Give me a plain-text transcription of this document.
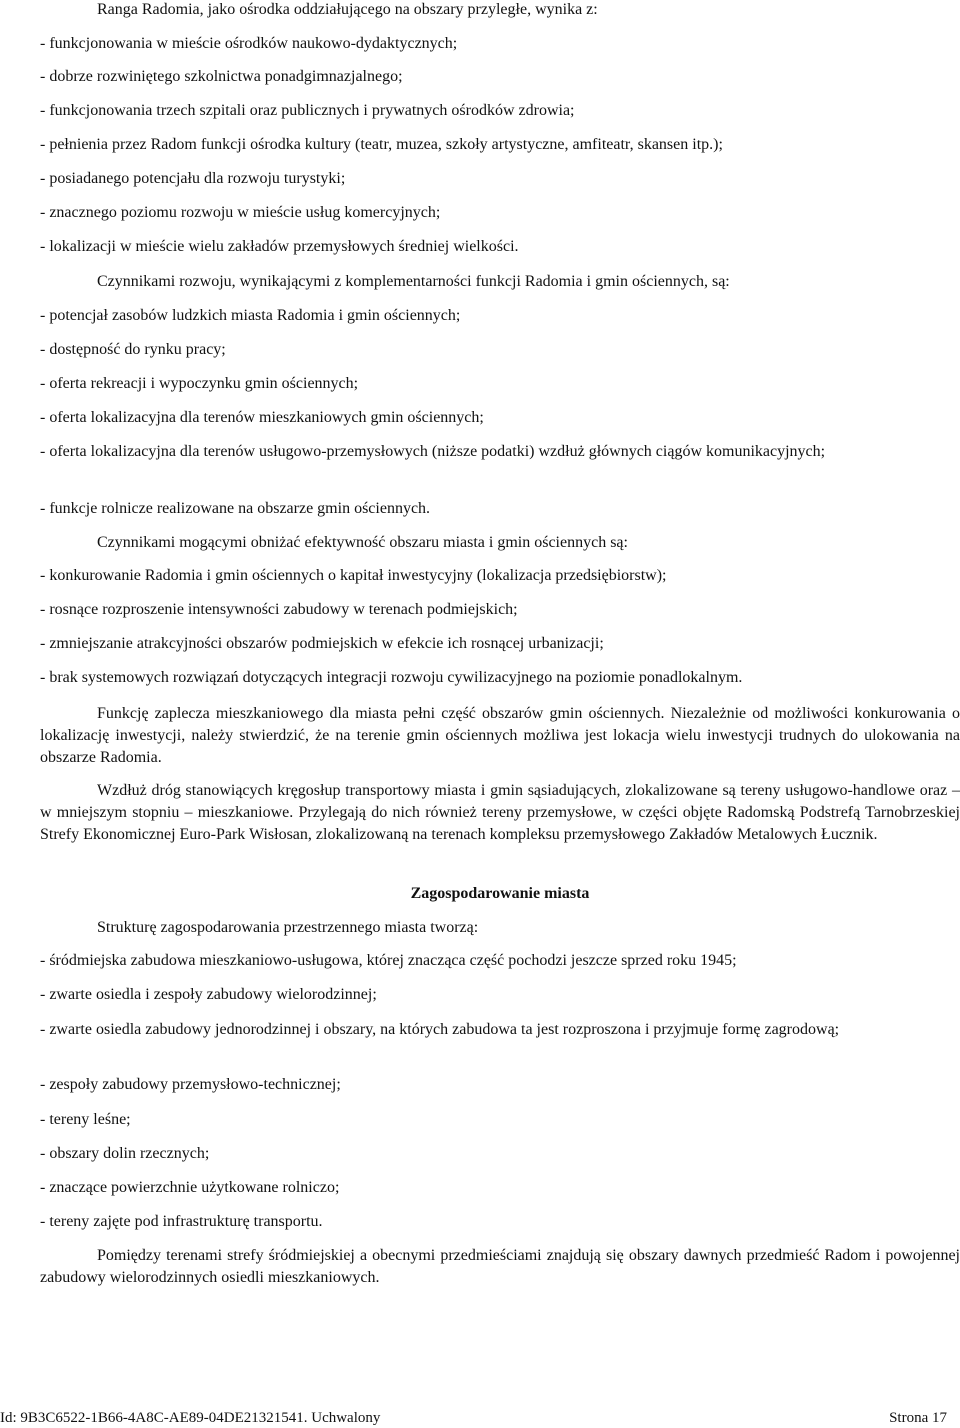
Ranga Radomia, jako ośrodka oddziałującego na obszary przyległe, wynika z:
- funkcjonowania w mieście ośrodków naukowo-dydaktycznych;
- dobrze rozwiniętego szkolnictwa ponadgimnazjalnego;
- funkcjonowania trzech szpitali oraz publicznych i prywatnych ośrodków zdrowia;
- pełnienia przez Radom funkcji ośrodka kultury (teatr, muzea, szkoły artystyczne, amfiteatr, skansen itp.);
- posiadanego potencjału dla rozwoju turystyki;
- znacznego poziomu rozwoju w mieście usług komercyjnych;
- lokalizacji w mieście wielu zakładów przemysłowych średniej wielkości.
Czynnikami rozwoju, wynikającymi z komplementarności funkcji Radomia i gmin ościennych, są:
- potencjał zasobów ludzkich miasta Radomia i gmin ościennych;
- dostępność do rynku pracy;
- oferta rekreacji i wypoczynku gmin ościennych;
- oferta lokalizacyjna dla terenów mieszkaniowych gmin ościennych;
- oferta lokalizacyjna dla terenów usługowo-przemysłowych (niższe podatki) wzdłuż głównych ciągów komunikacyjnych;
- funkcje rolnicze realizowane na obszarze gmin ościennych.
Czynnikami mogącymi obniżać efektywność obszaru miasta i gmin ościennych są:
- konkurowanie Radomia i gmin ościennych o kapitał inwestycyjny (lokalizacja przedsiębiorstw);
- rosnące rozproszenie intensywności zabudowy w terenach podmiejskich;
- zmniejszanie atrakcyjności obszarów podmiejskich w efekcie ich rosnącej urbanizacji;
- brak systemowych rozwiązań dotyczących integracji rozwoju cywilizacyjnego na poziomie ponadlokalnym.
Funkcję zaplecza mieszkaniowego dla miasta pełni część obszarów gmin ościennych. Niezależnie od możliwości konkurowania o lokalizację inwestycji, należy stwierdzić, że na terenie gmin ościennych możliwa jest lokacja wielu inwestycji trudnych do ulokowania na obszarze Radomia.
Wzdłuż dróg stanowiących kręgosłup transportowy miasta i gmin sąsiadujących, zlokalizowane są tereny usługowo-handlowe oraz – w mniejszym stopniu – mieszkaniowe. Przylegają do nich również tereny przemysłowe, w części objęte Radomską Podstrefą Tarnobrzeskiej Strefy Ekonomicznej Euro-Park Wisłosan, zlokalizowaną na terenach kompleksu przemysłowego Zakładów Metalowych Łucznik.
Zagospodarowanie miasta
Strukturę zagospodarowania przestrzennego miasta tworzą:
- śródmiejska zabudowa mieszkaniowo-usługowa, której znacząca część pochodzi jeszcze sprzed roku 1945;
- zwarte osiedla i zespoły zabudowy wielorodzinnej;
- zwarte osiedla zabudowy jednorodzinnej i obszary, na których zabudowa ta jest rozproszona i przyjmuje formę zagrodową;
- zespoły zabudowy przemysłowo-technicznej;
- tereny leśne;
- obszary dolin rzecznych;
- znaczące powierzchnie użytkowane rolniczo;
- tereny zajęte pod infrastrukturę transportu.
Pomiędzy terenami strefy śródmiejskiej a obecnymi przedmieściami znajdują się obszary dawnych przedmieść Radom i powojennej zabudowy wielorodzinnych osiedli mieszkaniowych.
Id: 9B3C6522-1B66-4A8C-AE89-04DE21321541. Uchwalony	Strona 17
